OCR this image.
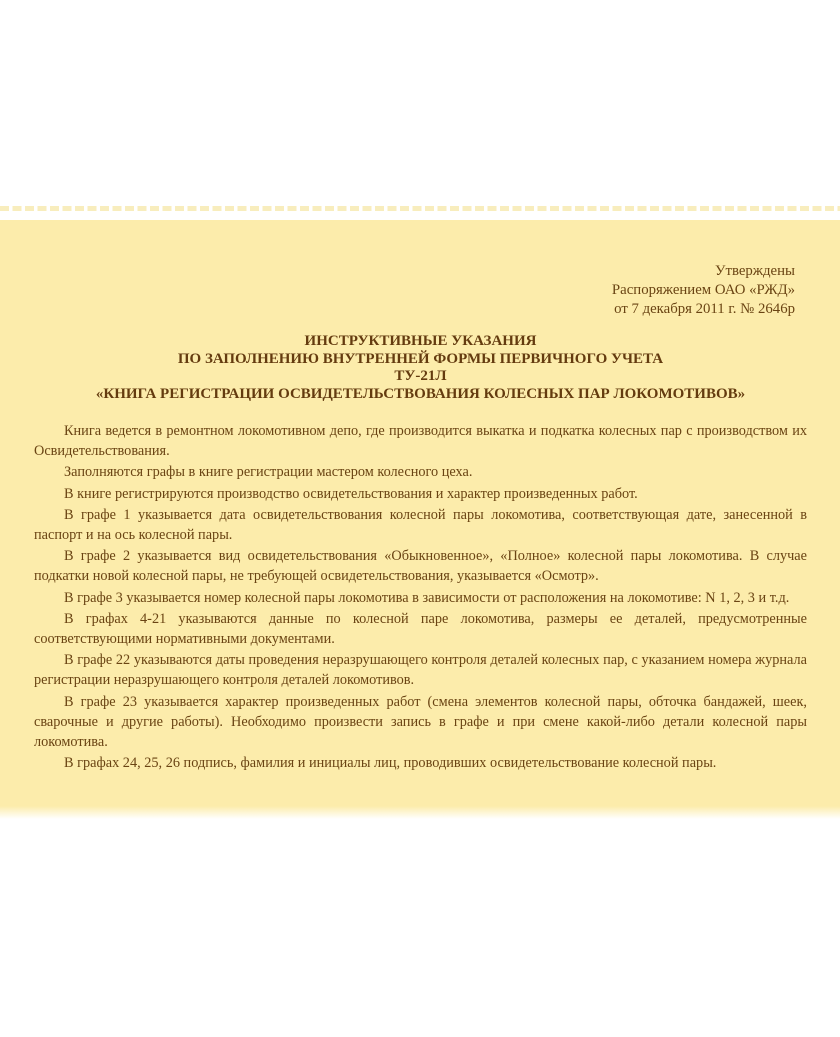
Утверждены
Распоряжением ОАО «РЖД»
от 7 декабря 2011 г. № 2646р
ИНСТРУКТИВНЫЕ УКАЗАНИЯ
ПО ЗАПОЛНЕНИЮ ВНУТРЕННЕЙ ФОРМЫ ПЕРВИЧНОГО УЧЕТА
ТУ-21Л
«КНИГА РЕГИСТРАЦИИ ОСВИДЕТЕЛЬСТВОВАНИЯ КОЛЕСНЫХ ПАР ЛОКОМОТИВОВ»

Книга ведется в ремонтном локомотивном депо, где производится выкатка и подкатка колесных пар с производством их Освидетельствования.

Заполняются графы в книге регистрации мастером колесного цеха.

В книге регистрируются производство освидетельствования и характер произведенных работ.

В графе 1 указывается дата освидетельствования колесной пары локомотива, соответствующая дате, занесенной в паспорт и на ось колесной пары.

В графе 2 указывается вид освидетельствования «Обыкновенное», «Полное» колесной пары локомотива. В случае подкатки новой колесной пары, не требующей освидетельствования, указывается «Осмотр».

В графе 3 указывается номер колесной пары локомотива в зависимости от расположения на локомотиве: N 1, 2, 3 и т.д.

В графах 4-21 указываются данные по колесной паре локомотива, размеры ее деталей, предусмотренные соответствующими нормативными документами.

В графе 22 указываются даты проведения неразрушающего контроля деталей колесных пар, с указанием номера журнала регистрации неразрушающего контроля деталей локомотивов.

В графе 23 указывается характер произведенных работ (смена элементов колесной пары, обточка бандажей, шеек, сварочные и другие работы). Необходимо произвести запись в графе и при смене какой-либо детали колесной пары локомотива.

В графах 24, 25, 26 подпись, фамилия и инициалы лиц, проводивших освидетельствование колесной пары.
